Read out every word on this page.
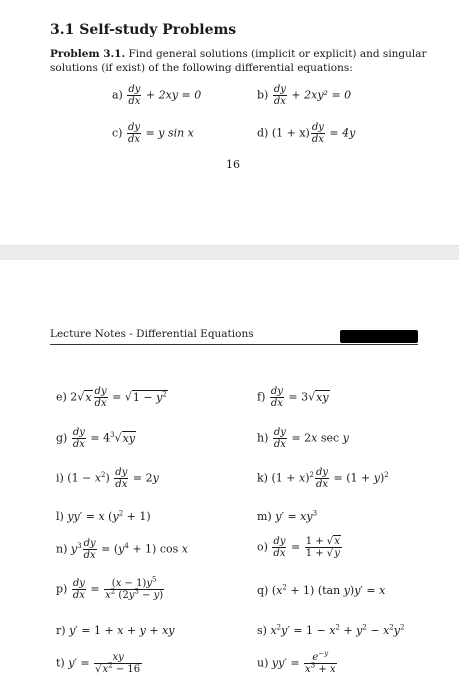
3.1 Self-study Problems
Problem 3.1. Find general solutions (implicit or explicit) and singular
solutions (if exist) of the following differential equations:
$a) \frac{dy}{dx} + 2xy = 0$	$b) \frac{dy}{dx} + 2xy^2 = 0$
$c) \frac{dy}{dx} = y$ sin x	d) $(1 + x) \frac{dy}{dx} = 4y$
16
Lecture Notes - Differential Equations
e) $2√x \frac{dy}{dx} = √1 - y^2$	$f) \frac{dy}{dx} = 3√xy$
$g) \frac{dy}{dx} = 4^3√xy$	$h) \frac{dy}{dx} = 2x$ sec y
i) $(1 - x^2) \frac{dy}{dx} = 2y$	k) $(1 + x)^2 \frac{dy}{dx} = (1 + y)^2$
l) yy′ = x $(y^2 + 1)$	m) $y' = xy^3$
n) $y^3 \frac{dy}{dx} = (y^4 + 1)$ cos x	$o) \frac{dy}{dx} = \frac{1 + √x}{1 + √y}$
$p) \frac{dy}{dx} = \frac{(x - 1)y^5}{x^2 (2y^3 - y)}$	q) $(x^2 + 1)$ (tan y)y′ = x
r) y′ = 1 + x + y + xy	s) $x^2y' = 1 - x^2 + y^2 - x^2y^2$
t) $y' = \frac{xy}{√x^2 - 16}$	u) $yy' = \frac{e^{-y}}{x^3 + x}$
